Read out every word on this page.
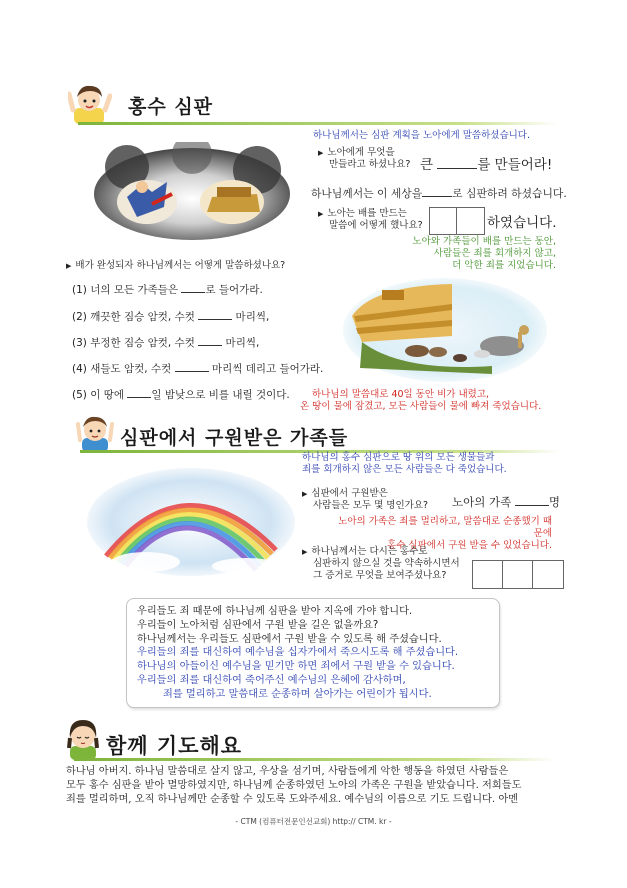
홍수 심판
하나님께서는 심판 계획을 노아에게 말씀하셨습니다.
▶ 노아에게 무엇을
만들라고 하셨나요? 큰	를 만들어라!
하나님께서는 이 세상을	로 심판하려 하셨습니다.
▶ 노아는 배를 만드는
말씀에 어떻게 했나요?	하였습니다.
노아와 가족들이 배를 만드는 동안,
사람들은 죄를 회개하지 않고,
더 악한 죄를 지었습니다.
▶ 배가 완성되자 하나님께서는 어떻게 말씀하셨나요?
(1) 너의 모든 가족들은	로 들어가라.
(2) 깨끗한 짐승 암컷, 수컷	마리씩,
(3) 부정한 짐승 암컷, 수컷	마리씩,
(4) 새들도 암컷, 수컷	마리씩 데리고 들어가라.
(5) 이 땅에	일 밤낮으로 비를 내릴 것이다. 하나님의 말씀대로 40일 동안 비가 내렸고,
온 땅이 물에 잠겼고, 모든 사람들이 물에 빠져 죽었습니다.
심판에서 구원받은 가족들
하나님의 홍수 심판으로 땅 위의 모든 생물들과
죄를 회개하지 않은 모든 사람들은 다 죽었습니다.
▶ 심판에서 구원받은
사람들은 모두 몇 명인가요? 노아의 가족	명
노아의 가족은 죄를 멀리하고, 말씀대로 순종했기 때문에
홍수 심판에서 구원 받을 수 있었습니다.
▶ 하나님께서는 다시는 홍수로
심판하지 않으실 것을 약속하시면서
그 증거로 무엇을 보여주셨나요?

우리들도 죄 때문에 하나님께 심판을 받아 지옥에 가야 합니다.

우리들이 노아처럼 심판에서 구원 받을 길은 없을까요?

하나님께서는 우리들도 심판에서 구원 받을 수 있도록 해 주셨습니다.

우리들의 죄를 대신하여 예수님을 십자가에서 죽으시도록 해 주셨습니다.

하나님의 아들이신 예수님을 믿기만 하면 죄에서 구원 받을 수 있습니다.

우리들의 죄를 대신하여 죽어주신 예수님의 은혜에 감사하며,

죄를 멀리하고 말씀대로 순종하며 살아가는 어린이가 됩시다.

함께 기도해요
하나님 아버지. 하나님 말씀대로 살지 않고, 우상을 섬기며, 사람들에게 악한 행동을 하였던 사람들은
모두 홍수 심판을 받아 멸망하였지만, 하나님께 순종하였던 노아의 가족은 구원을 받았습니다. 저희들도
죄를 멀리하며, 오직 하나님께만 순종할 수 있도록 도와주세요. 예수님의 이름으로 기도 드립니다. 아멘
- CTM (컴퓨터전문인선교회) http:// CTM. kr -
